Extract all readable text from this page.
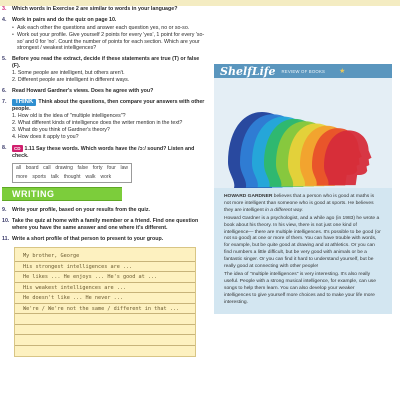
3. Which words in Exercise 2 are similar to words in your language?
4. Work in pairs and do the quiz on page 10.
• Ask each other the questions and answer each question yes, no or so-so.
• Work out your profile. Give yourself 2 points for every 'yes', 1 point for every 'so-so' and 0 for 'no'. Count the number of points for each section. Which are your strongest / weakest intelligences?
5. Before you read the extract, decide if these statements are true (T) or false (F).
1. Some people are intelligent, but others aren't.
2. Different people are intelligent in different ways.
6. Read Howard Gardner's views. Does he agree with you?
7. THINK Think about the questions, then compare your answers with other people.
1. How old is the idea of "multiple intelligences"?
2. What different kinds of intelligence does the writer mention in the text?
3. What do you think of Gardner's theory?
4. How does it apply to you?
8. CD 1.11 Say these words. Which words have the /ɔː/ sound? Listen and check.
all board call drawing false forty four law
more sports talk thought walk work
WRITING
9. Write your profile, based on your results from the quiz.
10. Take the quiz at home with a family member or a friend. Find one question where you have the same answer and one where it's different.
11. Write a short profile of that person to present to your group.
My brother, George
His strongest intelligences are ...
He likes ... He enjoys ... He's good at ...
His weakest intelligences are ...
He doesn't like ... He never ...
We're / We're not the same / different in that ...
ShelfLife REVIEW OF BOOKS ★

HOWARD GARDNER believes that a person who is good at maths is not more intelligent than someone who is good at sports. He believes they are intelligent in a different way.

Howard Gardner is a psychologist, and a while ago (in 1983) he wrote a book about his theory. In his view, there is not just one kind of intelligence— there are multiple intelligences. It's possible to be good (or not so good) at one or more of them. You can have trouble with words, for example, but be quite good at drawing and at athletics. Or you can find numbers a little difficult, but be very good with animals or be a fantastic singer. Or you can find it hard to understand yourself, but be really good at connecting with other people!

The idea of "multiple intelligences" is very interesting. It's also really useful. People with a strong musical intelligence, for example, can use songs to help them learn. You can also develop your weaker intelligences to give yourself more choices and to make your life more interesting.
